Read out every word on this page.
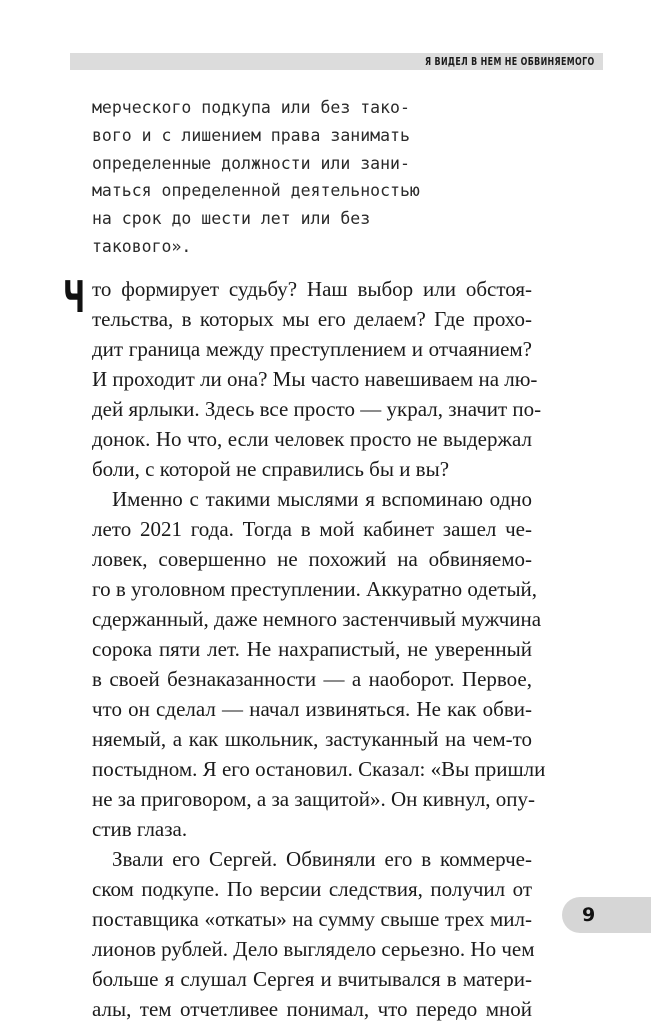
Я ВИДЕЛ В НЕМ НЕ ОБВИНЯЕМОГО
мерческого подкупа или без тако-
вого и с лишением права занимать
определенные должности или зани-
маться определенной деятельностью
на срок до шести лет или без
такового».
Ч то формирует судьбу? Наш выбор или обстоя-
тельства, в которых мы его делаем? Где прохо-
дит граница между преступлением и отчаянием?
И проходит ли она? Мы часто навешиваем на лю-
дей ярлыки. Здесь все просто — украл, значит по-
донок. Но что, если человек просто не выдержал
боли, с которой не справились бы и вы?
Именно с такими мыслями я вспоминаю одно
лето 2021 года. Тогда в мой кабинет зашел че-
ловек, совершенно не похожий на обвиняемо-
го в уголовном преступлении. Аккуратно одетый,
сдержанный, даже немного застенчивый мужчина
сорока пяти лет. Не нахрапистый, не уверенный
в своей безнаказанности — а наоборот. Первое,
что он сделал — начал извиняться. Не как обви-
няемый, а как школьник, застуканный на чем-то
постыдном. Я его остановил. Сказал: «Вы пришли
не за приговором, а за защитой». Он кивнул, опу-
стив глаза.
Звали его Сергей. Обвиняли его в коммерче-
ском подкупе. По версии следствия, получил от
поставщика «откаты» на сумму свыше трех мил-
лионов рублей. Дело выглядело серьезно. Но чем
больше я слушал Сергея и вчитывался в матери-
алы, тем отчетливее понимал, что передо мной
9
